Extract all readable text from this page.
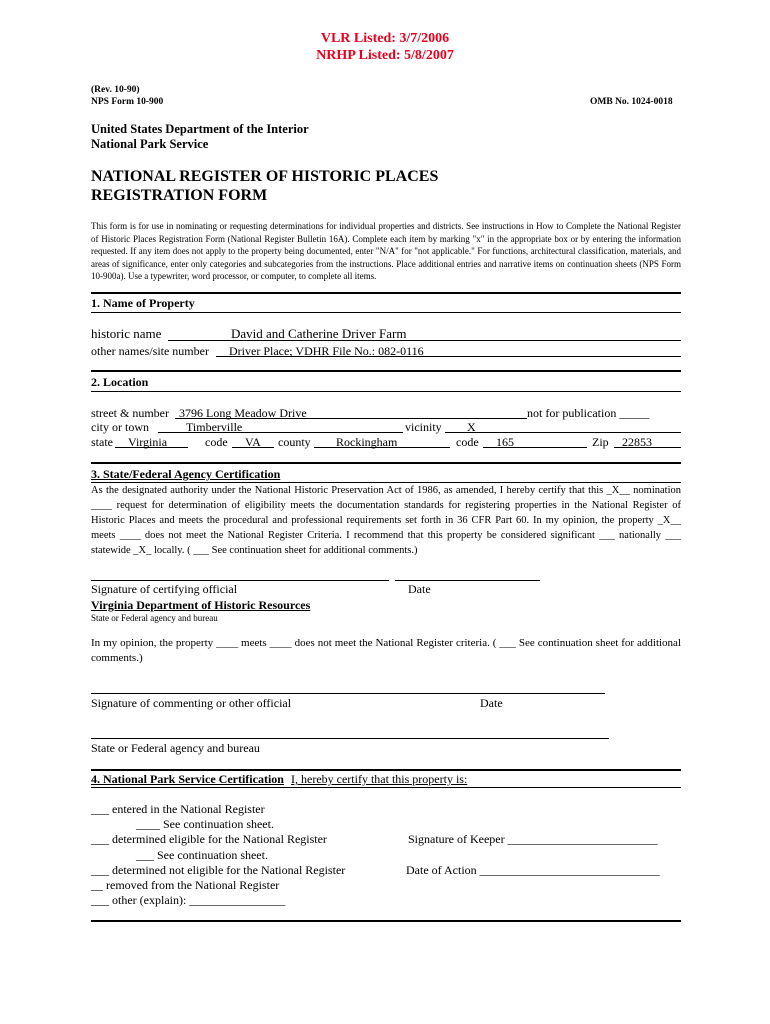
VLR Listed: 3/7/2006
NRHP Listed: 5/8/2007
(Rev. 10-90)
NPS Form 10-900	OMB No. 1024-0018
United States Department of the Interior
National Park Service
NATIONAL REGISTER OF HISTORIC PLACES
REGISTRATION FORM
This form is for use in nominating or requesting determinations for individual properties and districts. See instructions in How to Complete the National Register of Historic Places Registration Form (National Register Bulletin 16A). Complete each item by marking "x" in the appropriate box or by entering the information requested. If any item does not apply to the property being documented, enter "N/A" for "not applicable." For functions, architectural classification, materials, and areas of significance, enter only categories and subcategories from the instructions. Place additional entries and narrative items on continuation sheets (NPS Form 10-900a). Use a typewriter, word processor, or computer, to complete all items.
1. Name of Property
historic name	David and Catherine Driver Farm
other names/site number Driver Place; VDHR File No.: 082-0116
2. Location
street & number 3796 Long Meadow Drive	not for publication _____
city or town	Timberville	vicinity X
state Virginia	code VA county Rockingham	code 165	Zip 22853
3. State/Federal Agency Certification
As the designated authority under the National Historic Preservation Act of 1986, as amended, I hereby certify that this _X__ nomination ____ request for determination of eligibility meets the documentation standards for registering properties in the National Register of Historic Places and meets the procedural and professional requirements set forth in 36 CFR Part 60. In my opinion, the property _X__ meets ____ does not meet the National Register Criteria. I recommend that this property be considered significant ___ nationally ___ statewide _X_ locally. ( ___ See continuation sheet for additional comments.)
Signature of certifying official	Date
Virginia Department of Historic Resources
State or Federal agency and bureau
In my opinion, the property ____ meets ____ does not meet the National Register criteria. ( ___ See continuation sheet for additional comments.)
Signature of commenting or other official	Date
State or Federal agency and bureau
4. National Park Service Certification I, hereby certify that this property is:
___ entered in the National Register
____ See continuation sheet.
___ determined eligible for the National Register
___ See continuation sheet.
___ determined not eligible for the National Register
__ removed from the National Register
___ other (explain): ________________
Signature of Keeper _________________________
Date of Action ______________________________
